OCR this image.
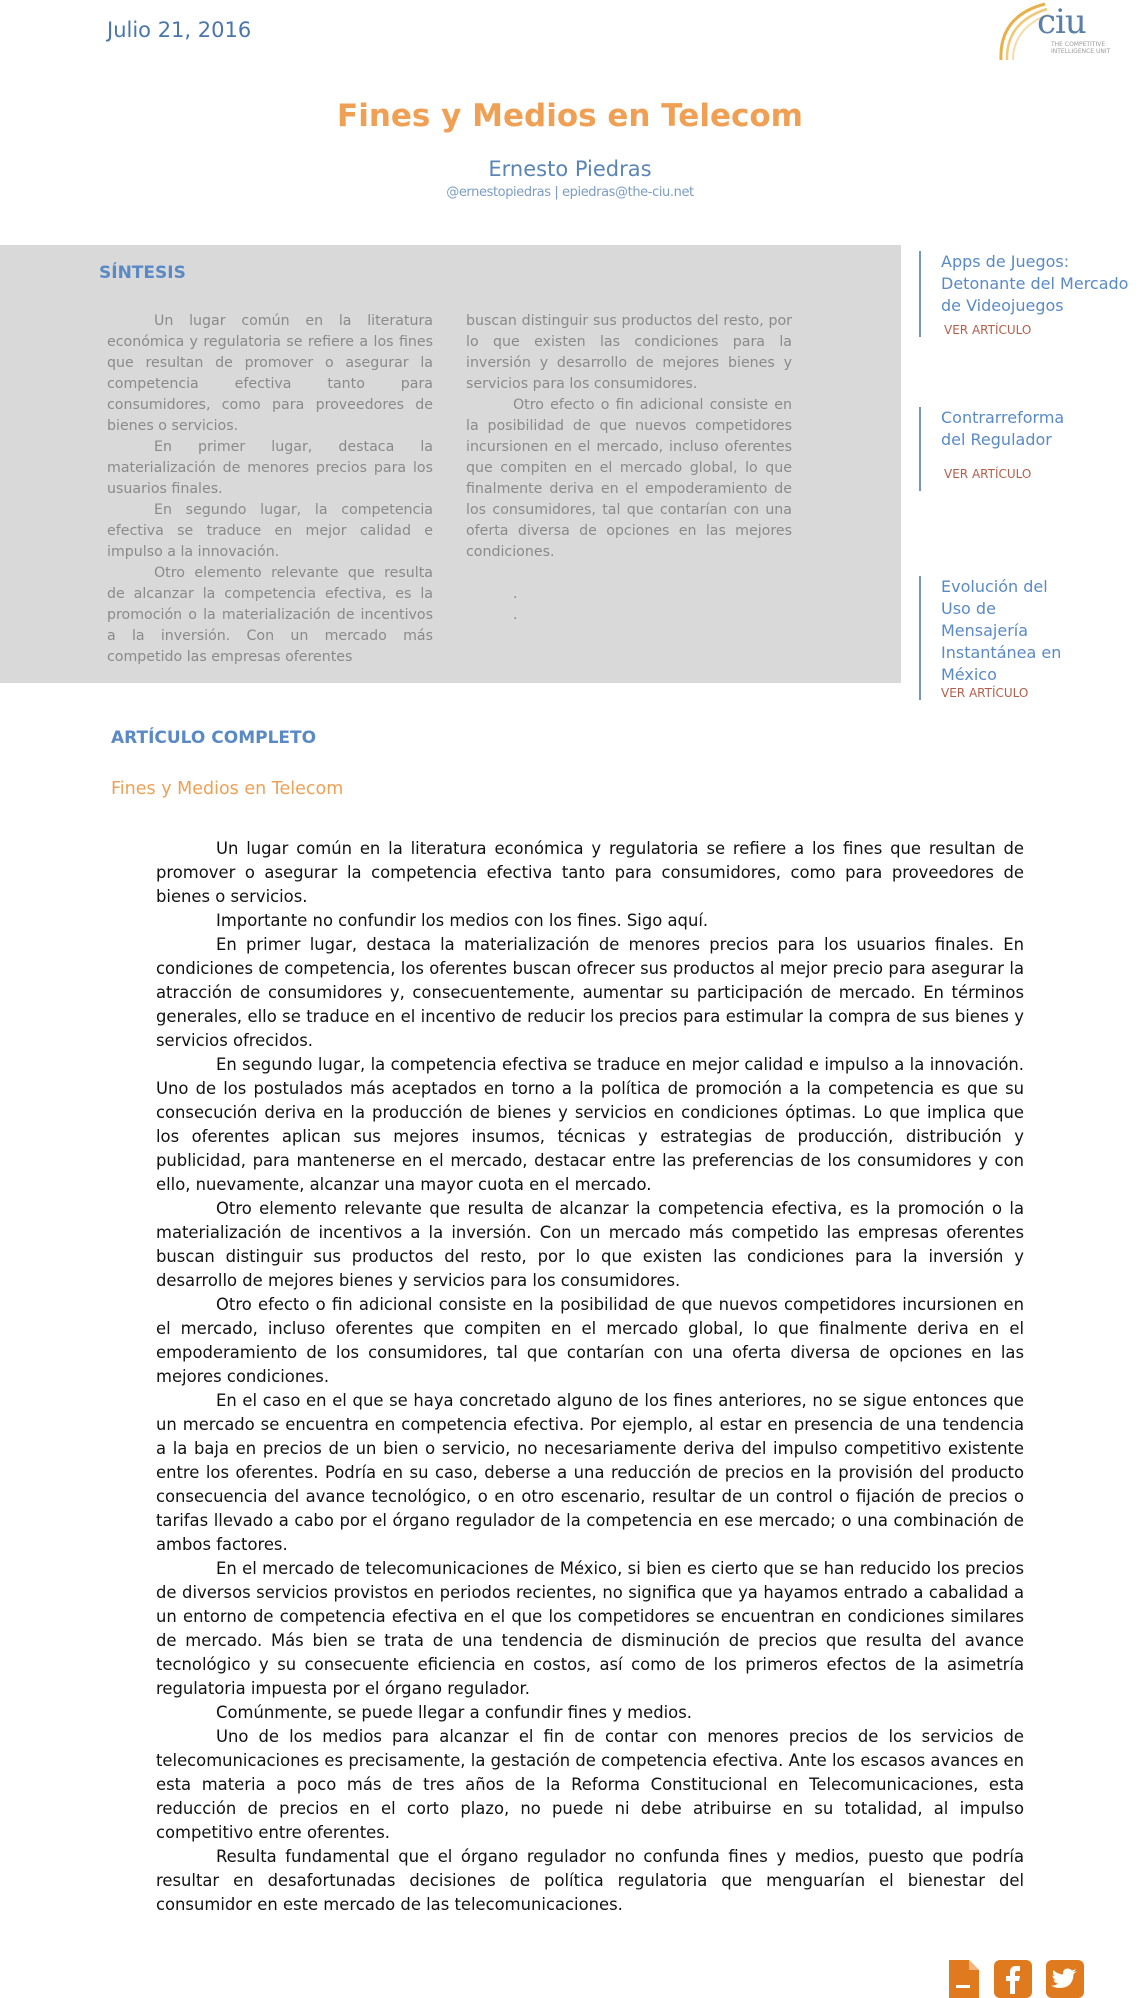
Julio 21, 2016	ciu
THE COMPETITIVE INTELLIGENCE UNIT
Fines y Medios en Telecom
Ernesto Piedras
@ernestopiedras | epiedras@the-ciu.net
SÍNTESIS

Un lugar común en la literatura económica y regulatoria se refiere a los fines que resultan de promover o asegurar la competencia efectiva tanto para consumidores, como para proveedores de bienes o servicios.

En primer lugar, destaca la materialización de menores precios para los usuarios finales.

En segundo lugar, la competencia efectiva se traduce en mejor calidad e impulso a la innovación.

Otro elemento relevante que resulta de alcanzar la competencia efectiva, es la promoción o la materialización de incentivos a la inversión. Con un mercado más competido las empresas oferentes

buscan distinguir sus productos del resto, por lo que existen las condiciones para la inversión y desarrollo de mejores bienes y servicios para los consumidores.

Otro efecto o fin adicional consiste en la posibilidad de que nuevos competidores incursionen en el mercado, incluso oferentes que compiten en el mercado global, lo que finalmente deriva en el empoderamiento de los consumidores, tal que contarían con una oferta diversa de opciones en las mejores condiciones.

.

.

Apps de Juegos: Detonante del Mercado de Videojuegos
VER ARTÍCULO
Contrarreforma del Regulador
VER ARTÍCULO
Evolución del Uso de Mensajería Instantánea en México
VER ARTÍCULO
ARTÍCULO COMPLETO
Fines y Medios en Telecom

Un lugar común en la literatura económica y regulatoria se refiere a los fines que resultan de promover o asegurar la competencia efectiva tanto para consumidores, como para proveedores de bienes o servicios.

Importante no confundir los medios con los fines. Sigo aquí.

En primer lugar, destaca la materialización de menores precios para los usuarios finales. En condiciones de competencia, los oferentes buscan ofrecer sus productos al mejor precio para asegurar la atracción de consumidores y, consecuentemente, aumentar su participación de mercado. En términos generales, ello se traduce en el incentivo de reducir los precios para estimular la compra de sus bienes y servicios ofrecidos.

En segundo lugar, la competencia efectiva se traduce en mejor calidad e impulso a la innovación. Uno de los postulados más aceptados en torno a la política de promoción a la competencia es que su consecución deriva en la producción de bienes y servicios en condiciones óptimas. Lo que implica que los oferentes aplican sus mejores insumos, técnicas y estrategias de producción, distribución y publicidad, para mantenerse en el mercado, destacar entre las preferencias de los consumidores y con ello, nuevamente, alcanzar una mayor cuota en el mercado.

Otro elemento relevante que resulta de alcanzar la competencia efectiva, es la promoción o la materialización de incentivos a la inversión. Con un mercado más competido las empresas oferentes buscan distinguir sus productos del resto, por lo que existen las condiciones para la inversión y desarrollo de mejores bienes y servicios para los consumidores.

Otro efecto o fin adicional consiste en la posibilidad de que nuevos competidores incursionen en el mercado, incluso oferentes que compiten en el mercado global, lo que finalmente deriva en el empoderamiento de los consumidores, tal que contarían con una oferta diversa de opciones en las mejores condiciones.

En el caso en el que se haya concretado alguno de los fines anteriores, no se sigue entonces que un mercado se encuentra en competencia efectiva. Por ejemplo, al estar en presencia de una tendencia a la baja en precios de un bien o servicio, no necesariamente deriva del impulso competitivo existente entre los oferentes. Podría en su caso, deberse a una reducción de precios en la provisión del producto consecuencia del avance tecnológico, o en otro escenario, resultar de un control o fijación de precios o tarifas llevado a cabo por el órgano regulador de la competencia en ese mercado; o una combinación de ambos factores.

En el mercado de telecomunicaciones de México, si bien es cierto que se han reducido los precios de diversos servicios provistos en periodos recientes, no significa que ya hayamos entrado a cabalidad a un entorno de competencia efectiva en el que los competidores se encuentran en condiciones similares de mercado. Más bien se trata de una tendencia de disminución de precios que resulta del avance tecnológico y su consecuente eficiencia en costos, así como de los primeros efectos de la asimetría regulatoria impuesta por el órgano regulador.

Comúnmente, se puede llegar a confundir fines y medios.

Uno de los medios para alcanzar el fin de contar con menores precios de los servicios de telecomunicaciones es precisamente, la gestación de competencia efectiva. Ante los escasos avances en esta materia a poco más de tres años de la Reforma Constitucional en Telecomunicaciones, esta reducción de precios en el corto plazo, no puede ni debe atribuirse en su totalidad, al impulso competitivo entre oferentes.

Resulta fundamental que el órgano regulador no confunda fines y medios, puesto que podría resultar en desafortunadas decisiones de política regulatoria que menguarían el bienestar del consumidor en este mercado de las telecomunicaciones.
